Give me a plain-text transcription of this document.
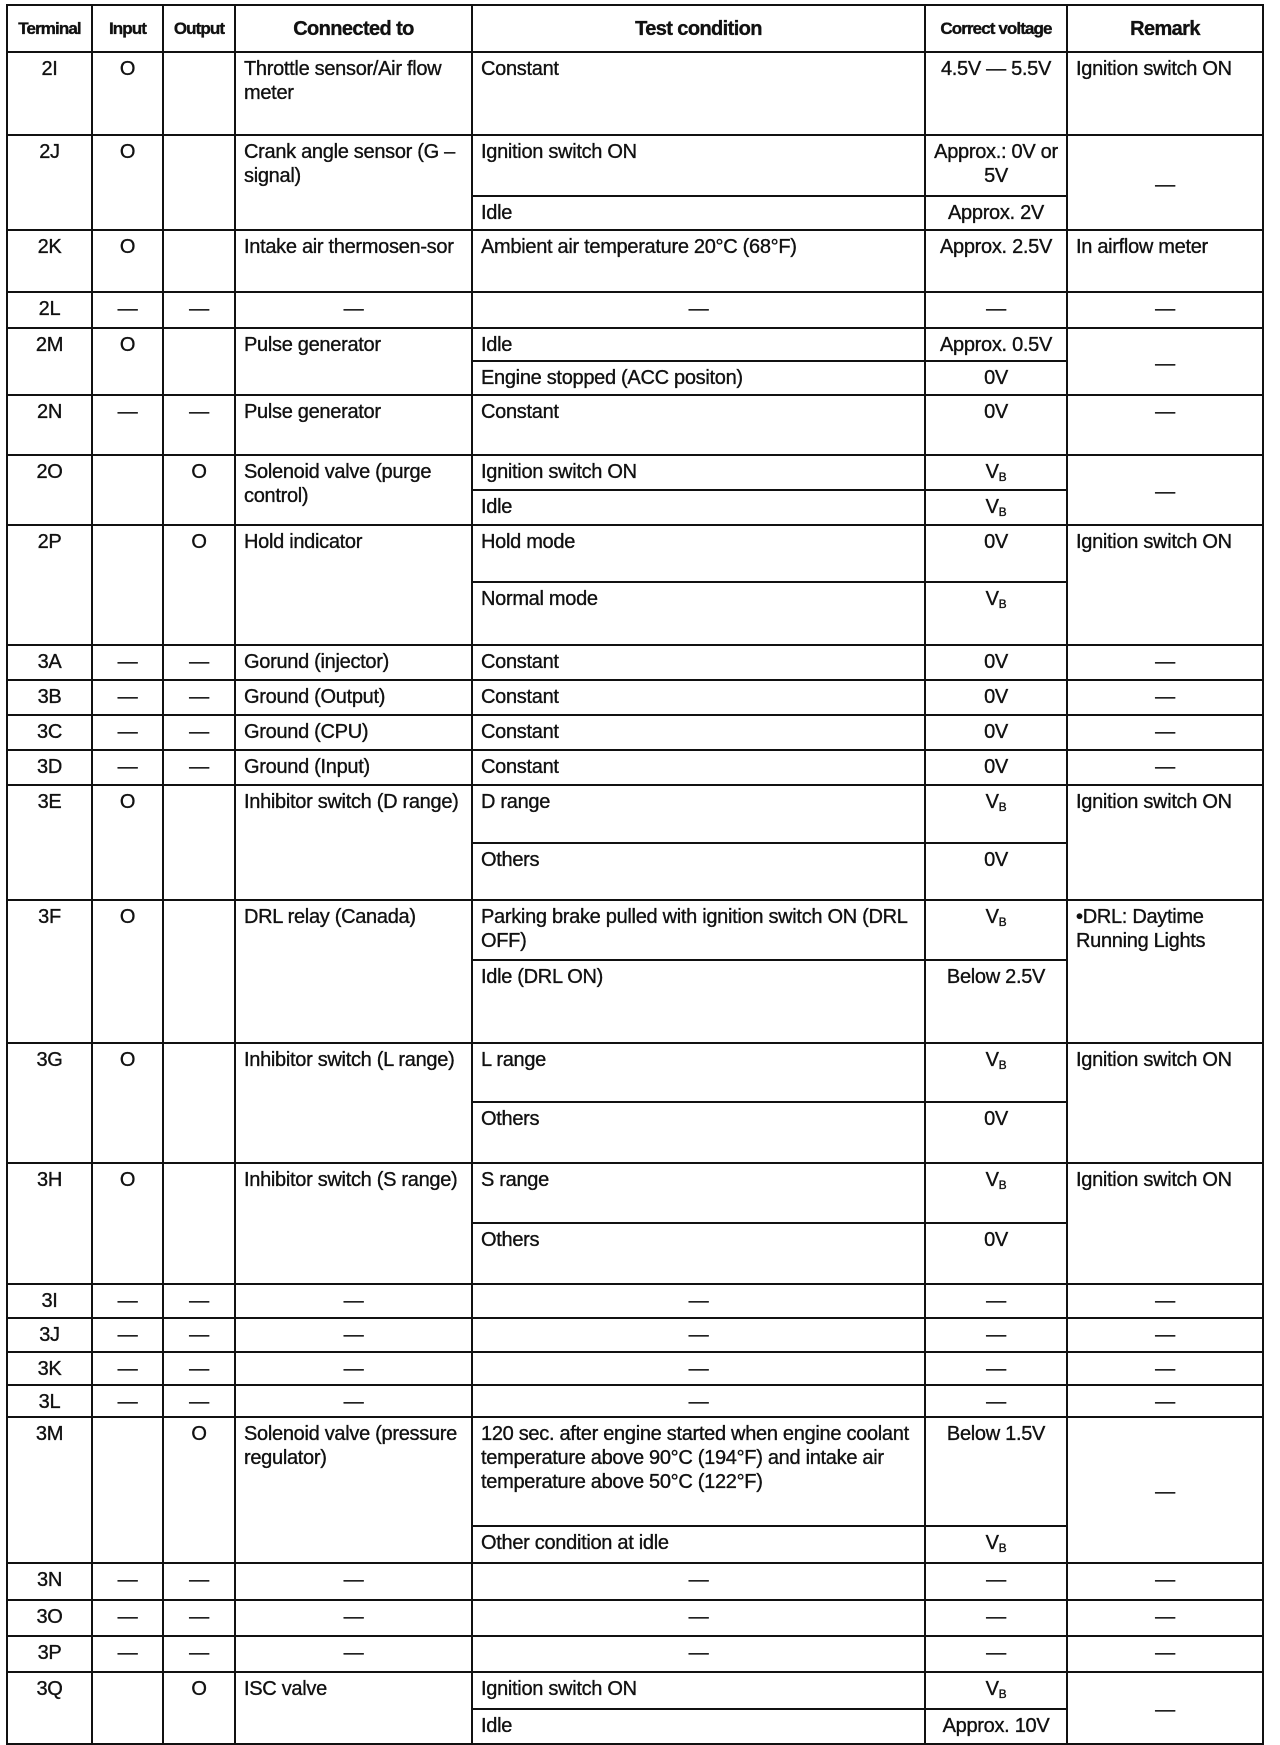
Terminal	Input	Output	Connected to	Test condition	Correct voltage	Remark
2I	O		Throttle sensor/Air flow meter	Constant	4.5V — 5.5V	Ignition switch ON
2J	O		Crank angle sensor (G – signal)	Ignition switch ON	Approx.: 0V or 5V	—
				Idle	Approx. 2V	
2K	O		Intake air thermosen-sor	Ambient air temperature 20°C (68°F)	Approx. 2.5V	In airflow meter
2L	—	—	—	—	—	—
2M	O		Pulse generator	Idle	Approx. 0.5V	—
				Engine stopped (ACC positon)	0V	
2N	—	—	Pulse generator	Constant	0V	—
2O		O	Solenoid valve (purge control)	Ignition switch ON	$V_B$	—
				Idle	$V_B$
2P		O	Hold indicator	Hold mode	0V	Ignition switch ON
				Normal mode	$V_B$
3A	—	—	Gorund (injector)	Constant	0V	—
3B	—	—	Ground (Output)	Constant	0V	—
3C	—	—	Ground (CPU)	Constant	0V	—
3D	—	—	Ground (Input)	Constant	0V	—
3E	O		Inhibitor switch (D range)	D range	$V_B$	Ignition switch ON
				Others	0V	
3F	O		DRL relay (Canada)	Parking brake pulled with ignition switch ON (DRL OFF)	$V_B$	•DRL: Daytime Running Lights
				Idle (DRL ON)	Below 2.5V	
3G	O		Inhibitor switch (L range)	L range	$V_B$	Ignition switch ON
				Others	0V	
3H	O		Inhibitor switch (S range)	S range	$V_B$	Ignition switch ON
				Others	0V	
3I	—	—	—	—	—	—
3J	—	—	—	—	—	—
3K	—	—	—	—	—	—
3L	—	—	—	—	—	—
3M		O	Solenoid valve (pressure regulator)	120 sec. after engine started when engine coolant temperature above 90°C (194°F) and intake air temperature above 50°C (122°F)	Below 1.5V	—
				Other condition at idle	$V_B$
3N	—	—	—	—	—	—
3O	—	—	—	—	—	—
3P	—	—	—	—	—	—
3Q		O	ISC valve	Ignition switch ON	$V_B$	—
				Idle	Approx. 10V	
